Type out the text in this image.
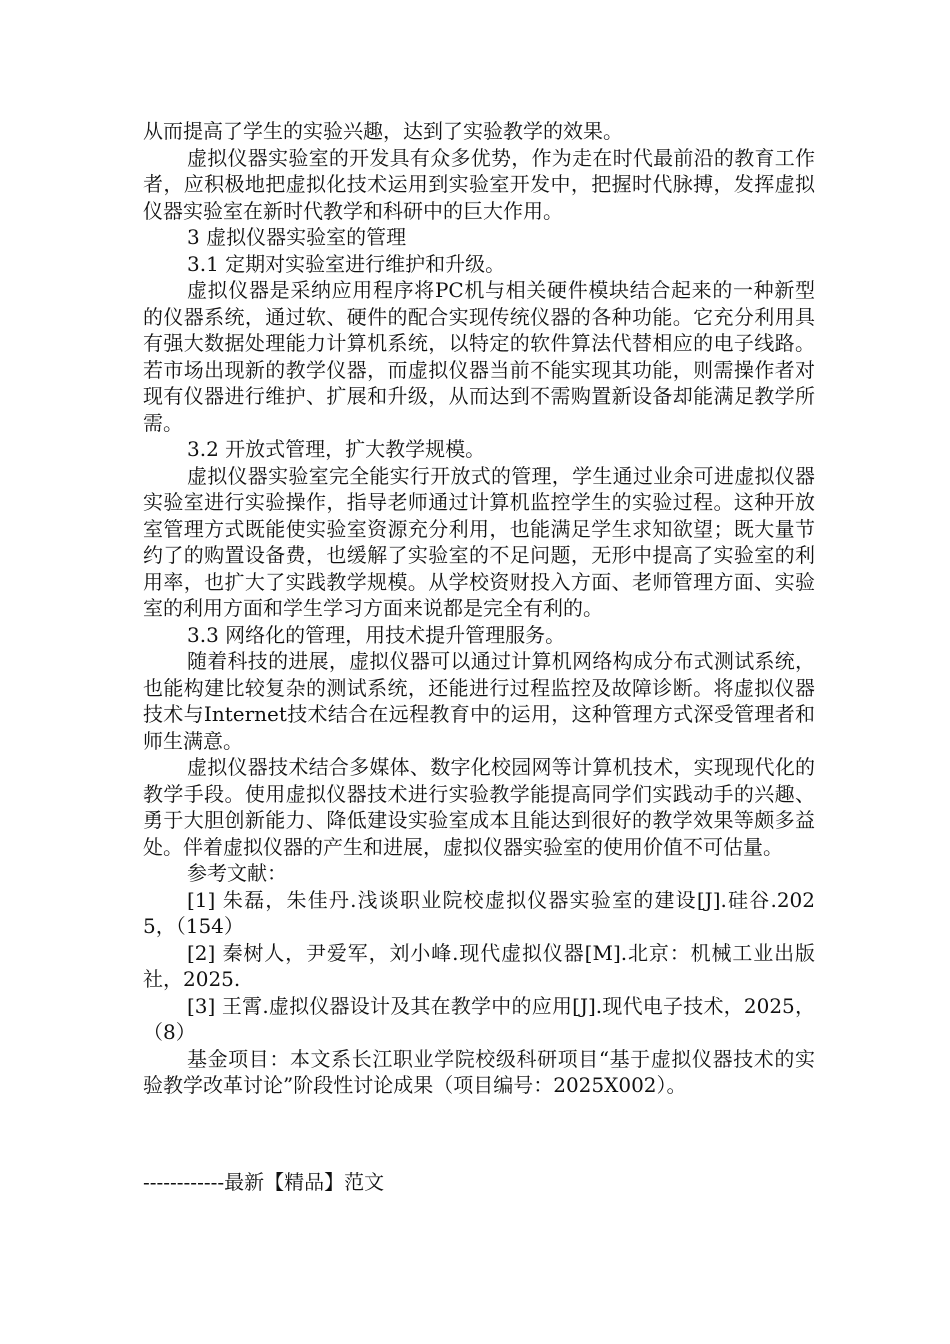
从而提高了学生的实验兴趣，达到了实验教学的效果。

虚拟仪器实验室的开发具有众多优势，作为走在时代最前沿的教育工作者，应积极地把虚拟化技术运用到实验室开发中，把握时代脉搏，发挥虚拟仪器实验室在新时代教学和科研中的巨大作用。

3 虚拟仪器实验室的管理

3.1 定期对实验室进行维护和升级。

虚拟仪器是采纳应用程序将PC机与相关硬件模块结合起来的一种新型的仪器系统，通过软、硬件的配合实现传统仪器的各种功能。它充分利用具有强大数据处理能力计算机系统，以特定的软件算法代替相应的电子线路。若市场出现新的教学仪器，而虚拟仪器当前不能实现其功能，则需操作者对现有仪器进行维护、扩展和升级，从而达到不需购置新设备却能满足教学所需。

3.2 开放式管理，扩大教学规模。

虚拟仪器实验室完全能实行开放式的管理，学生通过业余可进虚拟仪器实验室进行实验操作，指导老师通过计算机监控学生的实验过程。这种开放室管理方式既能使实验室资源充分利用，也能满足学生求知欲望；既大量节约了的购置设备费，也缓解了实验室的不足问题，无形中提高了实验室的利用率，也扩大了实践教学规模。从学校资财投入方面、老师管理方面、实验室的利用方面和学生学习方面来说都是完全有利的。

3.3 网络化的管理，用技术提升管理服务。

随着科技的进展，虚拟仪器可以通过计算机网络构成分布式测试系统，也能构建比较复杂的测试系统，还能进行过程监控及故障诊断。将虚拟仪器技术与Internet技术结合在远程教育中的运用，这种管理方式深受管理者和师生满意。

虚拟仪器技术结合多媒体、数字化校园网等计算机技术，实现现代化的教学手段。使用虚拟仪器技术进行实验教学能提高同学们实践动手的兴趣、勇于大胆创新能力、降低建设实验室成本且能达到很好的教学效果等颇多益处。伴着虚拟仪器的产生和进展，虚拟仪器实验室的使用价值不可估量。

参考文献：

[1] 朱磊，朱佳丹.浅谈职业院校虚拟仪器实验室的建设[J].硅谷.2025，（154）

[2] 秦树人，尹爱军，刘小峰.现代虚拟仪器[M].北京：机械工业出版社，2025.

[3] 王霄.虚拟仪器设计及其在教学中的应用[J].现代电子技术，2025，（8）

基金项目：本文系长江职业学院校级科研项目“基于虚拟仪器技术的实验教学改革讨论”阶段性讨论成果（项目编号：2025X002）。

------------最新【精品】范文
